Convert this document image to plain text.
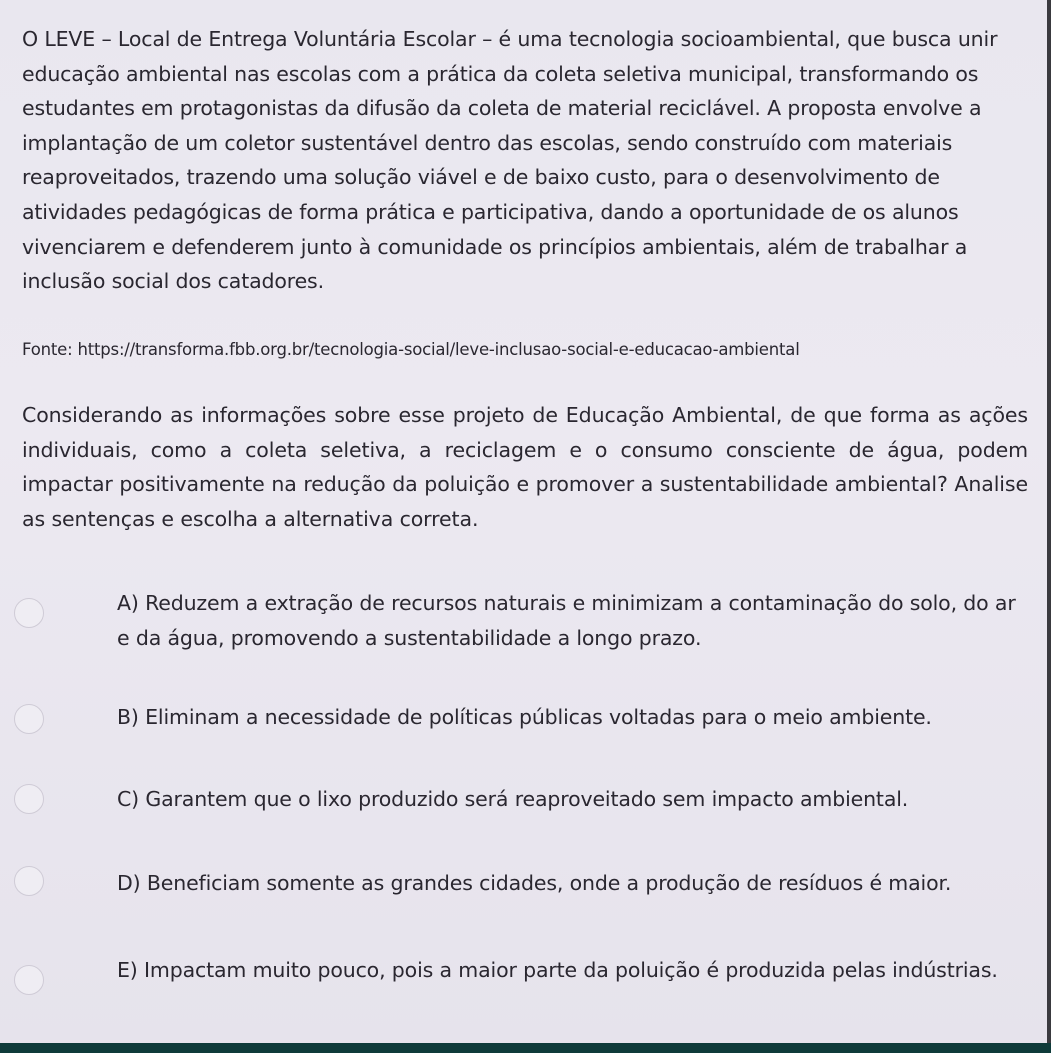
O LEVE – Local de Entrega Voluntária Escolar – é uma tecnologia socioambiental, que busca unir educação ambiental nas escolas com a prática da coleta seletiva municipal, transformando os estudantes em protagonistas da difusão da coleta de material reciclável. A proposta envolve a implantação de um coletor sustentável dentro das escolas, sendo construído com materiais reaproveitados, trazendo uma solução viável e de baixo custo, para o desenvolvimento de atividades pedagógicas de forma prática e participativa, dando a oportunidade de os alunos vivenciarem e defenderem junto à comunidade os princípios ambientais, além de trabalhar a inclusão social dos catadores.

Fonte: https://transforma.fbb.org.br/tecnologia-social/leve-inclusao-social-e-educacao-ambiental

Considerando as informações sobre esse projeto de Educação Ambiental, de que forma as ações individuais, como a coleta seletiva, a reciclagem e o consumo consciente de água, podem impactar positivamente na redução da poluição e promover a sustentabilidade ambiental? Analise as sentenças e escolha a alternativa correta.

A) Reduzem a extração de recursos naturais e minimizam a contaminação do solo, do ar e da água, promovendo a sustentabilidade a longo prazo.

B) Eliminam a necessidade de políticas públicas voltadas para o meio ambiente.

C) Garantem que o lixo produzido será reaproveitado sem impacto ambiental.

D) Beneficiam somente as grandes cidades, onde a produção de resíduos é maior.

E) Impactam muito pouco, pois a maior parte da poluição é produzida pelas indústrias.
